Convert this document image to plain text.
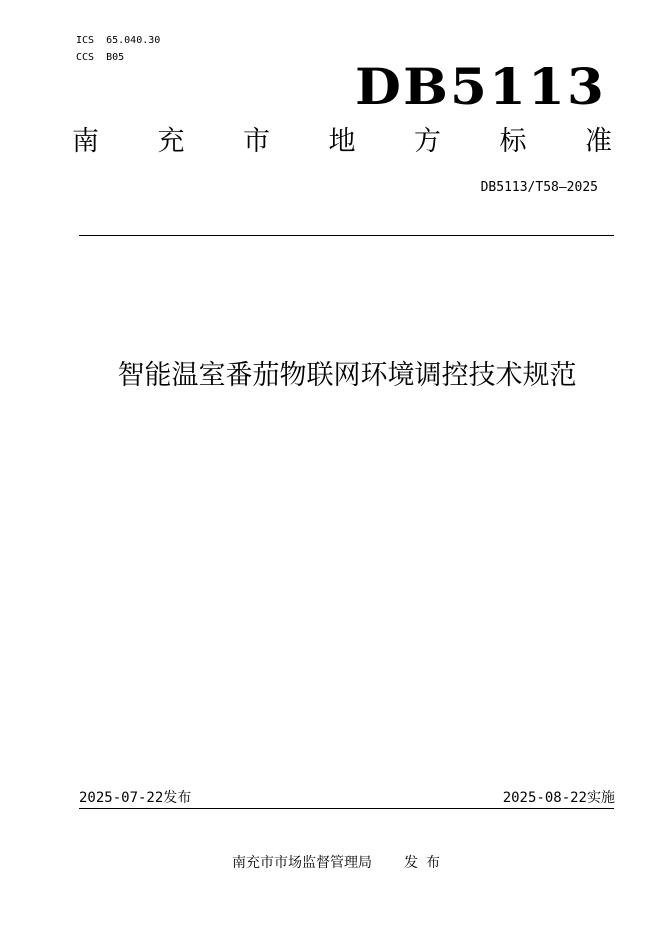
ICS  65.040.30
CCS  B05	DB5113
南 充 市 地 方 标 准
DB5113/T58—2025
智能温室番茄物联网环境调控技术规范
2025-07-22发布	2025-08-22实施
南充市市场监督管理局 发布
